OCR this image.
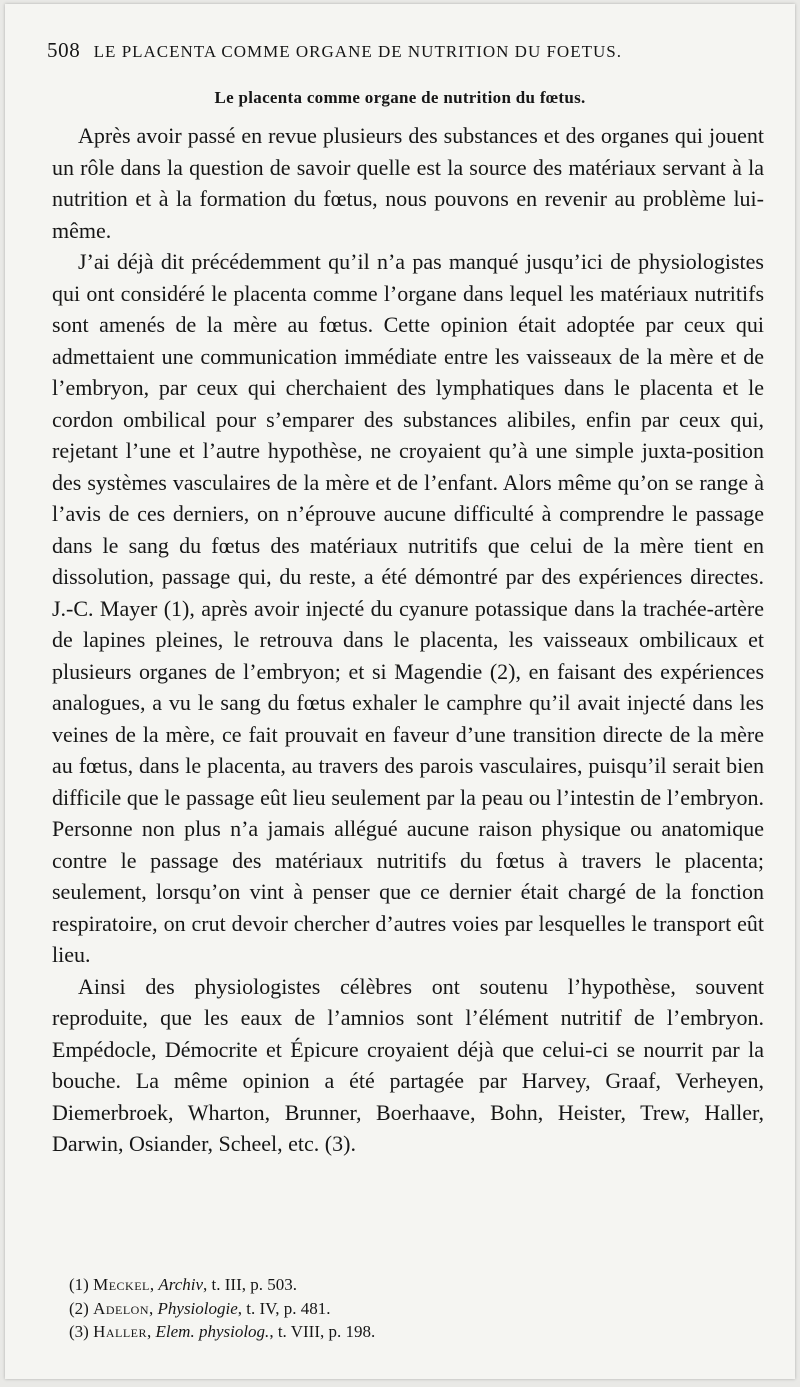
508 LE PLACENTA COMME ORGANE DE NUTRITION DU FOETUS.
Le placenta comme organe de nutrition du fœtus.

Après avoir passé en revue plusieurs des substances et des organes qui jouent un rôle dans la question de savoir quelle est la source des matériaux servant à la nutrition et à la formation du fœtus, nous pouvons en revenir au problème lui-même.

J’ai déjà dit précédemment qu’il n’a pas manqué jusqu’ici de physiologistes qui ont considéré le placenta comme l’organe dans lequel les matériaux nutritifs sont amenés de la mère au fœtus. Cette opinion était adoptée par ceux qui admettaient une communication immédiate entre les vaisseaux de la mère et de l’embryon, par ceux qui cherchaient des lymphatiques dans le placenta et le cordon ombilical pour s’emparer des substances alibiles, enfin par ceux qui, rejetant l’une et l’autre hypothèse, ne croyaient qu’à une simple juxta-position des systèmes vasculaires de la mère et de l’enfant. Alors même qu’on se range à l’avis de ces derniers, on n’éprouve aucune difficulté à comprendre le passage dans le sang du fœtus des matériaux nutritifs que celui de la mère tient en dissolution, passage qui, du reste, a été démontré par des expériences directes. J.-C. Mayer (1), après avoir injecté du cyanure potassique dans la trachée-artère de lapines pleines, le retrouva dans le placenta, les vaisseaux ombilicaux et plusieurs organes de l’embryon; et si Magendie (2), en faisant des expériences analogues, a vu le sang du fœtus exhaler le camphre qu’il avait injecté dans les veines de la mère, ce fait prouvait en faveur d’une transition directe de la mère au fœtus, dans le placenta, au travers des parois vasculaires, puisqu’il serait bien difficile que le passage eût lieu seulement par la peau ou l’intestin de l’embryon. Personne non plus n’a jamais allégué aucune raison physique ou anatomique contre le passage des matériaux nutritifs du fœtus à travers le placenta; seulement, lorsqu’on vint à penser que ce dernier était chargé de la fonction respiratoire, on crut devoir chercher d’autres voies par lesquelles le transport eût lieu.

Ainsi des physiologistes célèbres ont soutenu l’hypothèse, souvent reproduite, que les eaux de l’amnios sont l’élément nutritif de l’embryon. Empédocle, Démocrite et Épicure croyaient déjà que celui-ci se nourrit par la bouche. La même opinion a été partagée par Harvey, Graaf, Verheyen, Diemerbroek, Wharton, Brunner, Boerhaave, Bohn, Heister, Trew, Haller, Darwin, Osiander, Scheel, etc. (3).

(1) Meckel, Archiv, t. III, p. 503.
(2) Adelon, Physiologie, t. IV, p. 481.
(3) Haller, Elem. physiolog., t. VIII, p. 198.
